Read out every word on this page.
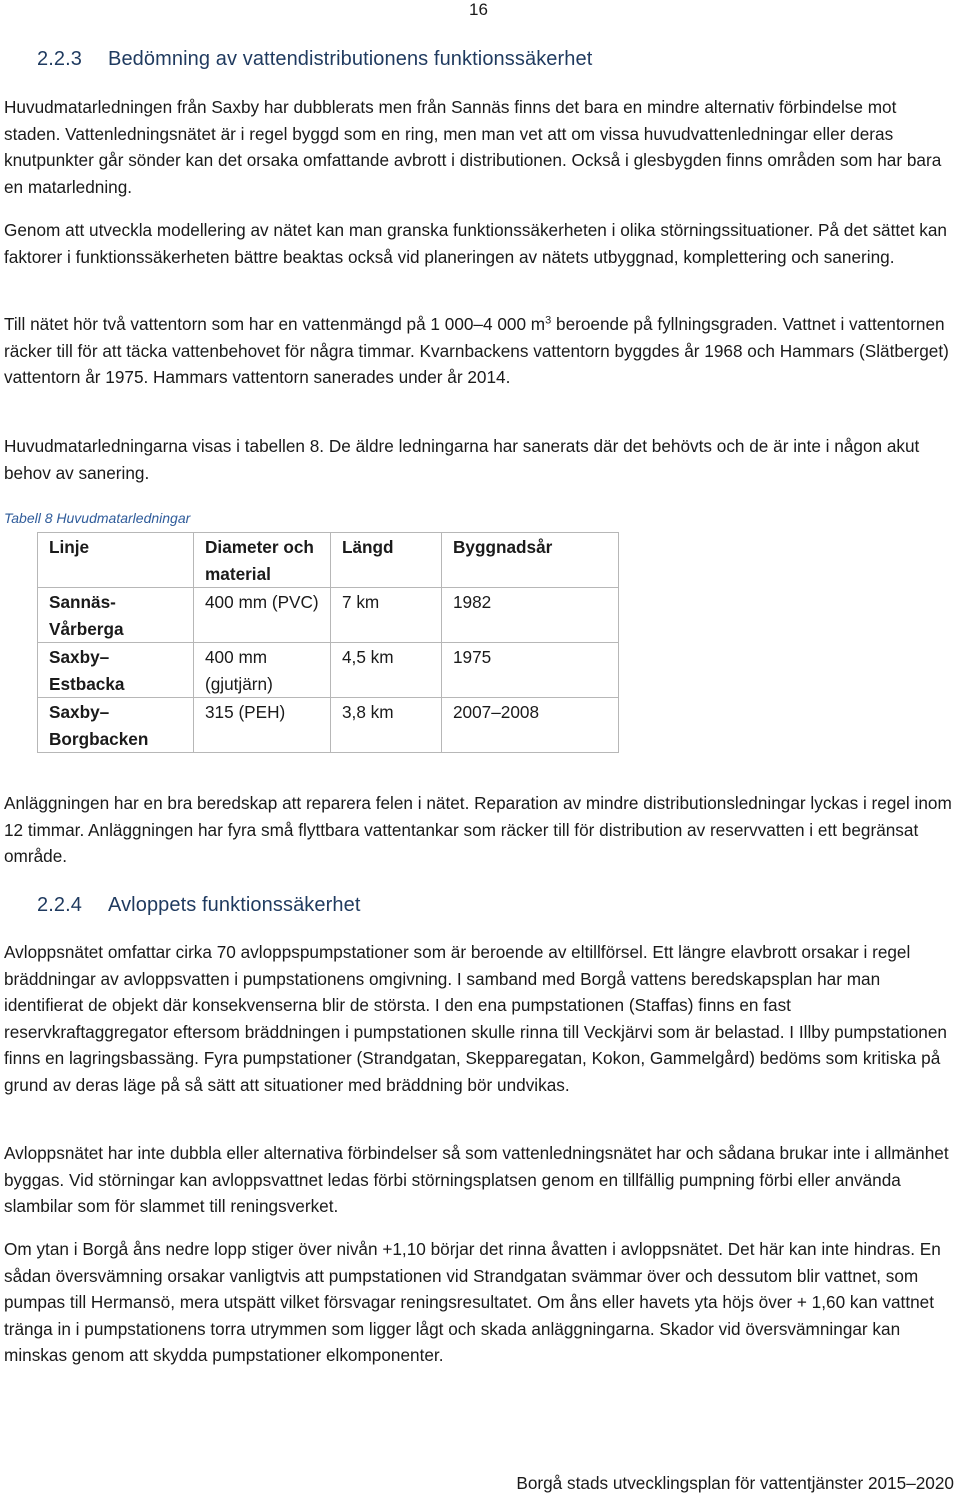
16
2.2.3 Bedömning av vattendistributionens funktionssäkerhet

Huvudmatarledningen från Saxby har dubblerats men från Sannäs finns det bara en mindre alternativ förbindelse mot staden. Vattenledningsnätet är i regel byggd som en ring, men man vet att om vissa huvudvattenledningar eller deras knutpunkter går sönder kan det orsaka omfattande avbrott i distributionen. Också i glesbygden finns områden som har bara en matarledning.

Genom att utveckla modellering av nätet kan man granska funktionssäkerheten i olika störningssituationer. På det sättet kan faktorer i funktionssäkerheten bättre beaktas också vid planeringen av nätets utbyggnad, komplettering och sanering.

Till nätet hör två vattentorn som har en vattenmängd på 1 000–4 000 $m^3$ beroende på fyllningsgraden. Vattnet i vattentornen räcker till för att täcka vattenbehovet för några timmar. Kvarnbackens vattentorn byggdes år 1968 och Hammars (Slätberget) vattentorn år 1975. Hammars vattentorn sanerades under år 2014.

Huvudmatarledningarna visas i tabellen 8. De äldre ledningarna har sanerats där det behövts och de är inte i någon akut behov av sanering.

Tabell 8 Huvudmatarledningar
Linje	Diameter och material	Längd	Byggnadsår
Sannäs-Vårberga	400 mm (PVC)	7 km	1982
Saxby– Estbacka	400 mm (gjutjärn)	4,5 km	1975
Saxby– Borgbacken	315 (PEH)	3,8 km	2007–2008

Anläggningen har en bra beredskap att reparera felen i nätet. Reparation av mindre distributionsledningar lyckas i regel inom 12 timmar. Anläggningen har fyra små flyttbara vattentankar som räcker till för distribution av reservvatten i ett begränsat område.

2.2.4 Avloppets funktionssäkerhet

Avloppsnätet omfattar cirka 70 avloppspumpstationer som är beroende av eltillförsel. Ett längre elavbrott orsakar i regel bräddningar av avloppsvatten i pumpstationens omgivning. I samband med Borgå vattens beredskapsplan har man identifierat de objekt där konsekvenserna blir de största. I den ena pumpstationen (Staffas) finns en fast reservkraftaggregator eftersom bräddningen i pumpstationen skulle rinna till Veckjärvi som är belastad. I Illby pumpstationen finns en lagringsbassäng. Fyra pumpstationer (Strandgatan, Skepparegatan, Kokon, Gammelgård) bedöms som kritiska på grund av deras läge på så sätt att situationer med bräddning bör undvikas.

Avloppsnätet har inte dubbla eller alternativa förbindelser så som vattenledningsnätet har och sådana brukar inte i allmänhet byggas. Vid störningar kan avloppsvattnet ledas förbi störningsplatsen genom en tillfällig pumpning förbi eller använda slambilar som för slammet till reningsverket.

Om ytan i Borgå åns nedre lopp stiger över nivån +1,10 börjar det rinna åvatten i avloppsnätet. Det här kan inte hindras. En sådan översvämning orsakar vanligtvis att pumpstationen vid Strandgatan svämmar över och dessutom blir vattnet, som pumpas till Hermansö, mera utspätt vilket försvagar reningsresultatet. Om åns eller havets yta höjs över + 1,60 kan vattnet tränga in i pumpstationens torra utrymmen som ligger lågt och skada anläggningarna. Skador vid översvämningar kan minskas genom att skydda pumpstationer elkomponenter.

Borgå stads utvecklingsplan för vattentjänster 2015–2020
